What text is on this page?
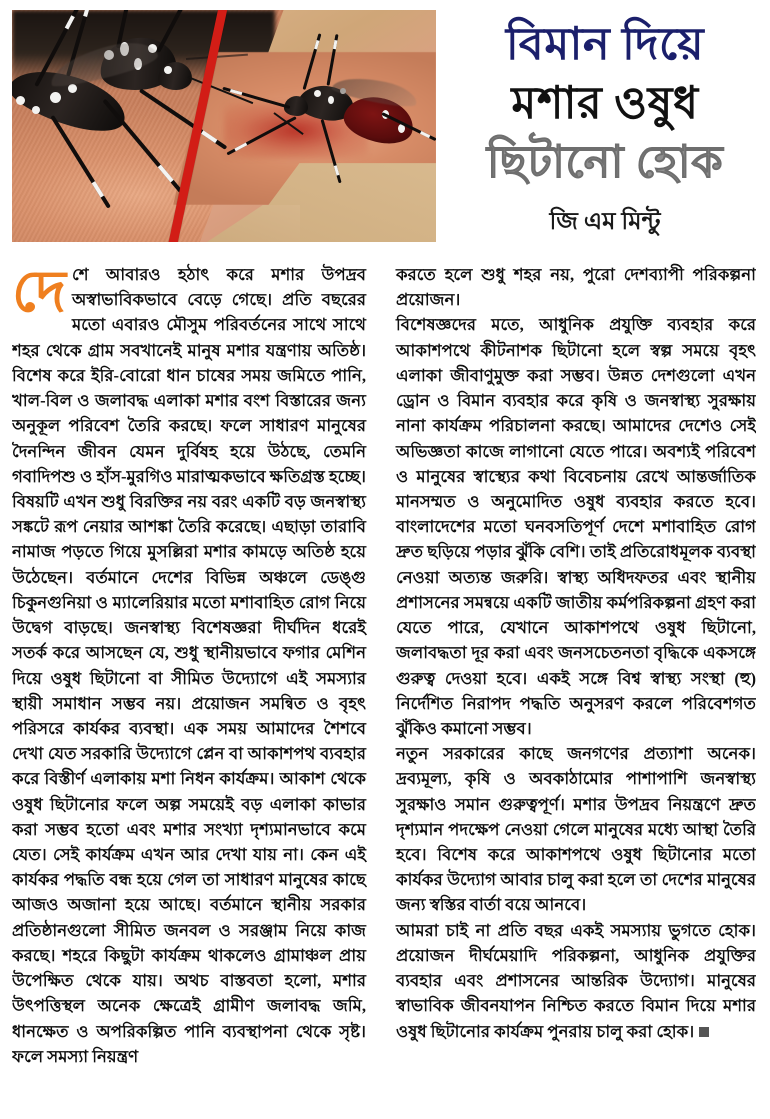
বিমান দিয়ে
মশার ওষুধ
ছিটানো হোক
জি এম মিন্টু

দেশে আবারও হঠাৎ করে মশার উপদ্রব অস্বাভাবিকভাবে বেড়ে গেছে। প্রতি বছরের মতো এবারও মৌসুম পরিবর্তনের সাথে সাথে শহর থেকে গ্রাম সবখানেই মানুষ মশার যন্ত্রণায় অতিষ্ঠ। বিশেষ করে ইরি-বোরো ধান চাষের সময় জমিতে পানি, খাল-বিল ও জলাবদ্ধ এলাকা মশার বংশ বিস্তারের জন্য অনুকূল পরিবেশ তৈরি করছে। ফলে সাধারণ মানুষের দৈনন্দিন জীবন যেমন দুর্বিষহ হয়ে উঠছে, তেমনি গবাদিপশু ও হাঁস-মুরগিও মারাত্মকভাবে ক্ষতিগ্রস্ত হচ্ছে। বিষয়টি এখন শুধু বিরক্তির নয় বরং একটি বড় জনস্বাস্থ্য সঙ্কটে রূপ নেয়ার আশঙ্কা তৈরি করেছে। এছাড়া তারাবি নামাজ পড়তে গিয়ে মুসল্লিরা মশার কামড়ে অতিষ্ঠ হয়ে উঠেছেন। বর্তমানে দেশের বিভিন্ন অঞ্চলে ডেঙ্গু চিকুনগুনিয়া ও ম্যালেরিয়ার মতো মশাবাহিত রোগ নিয়ে উদ্বেগ বাড়ছে। জনস্বাস্থ্য বিশেষজ্ঞরা দীর্ঘদিন ধরেই সতর্ক করে আসছেন যে, শুধু স্থানীয়ভাবে ফগার মেশিন দিয়ে ওষুধ ছিটানো বা সীমিত উদ্যোগে এই সমস্যার স্থায়ী সমাধান সম্ভব নয়। প্রয়োজন সমন্বিত ও বৃহৎ পরিসরে কার্যকর ব্যবস্থা। এক সময় আমাদের শৈশবে দেখা যেত সরকারি উদ্যোগে প্লেন বা আকাশপথ ব্যবহার করে বিস্তীর্ণ এলাকায় মশা নিধন কার্যক্রম। আকাশ থেকে ওষুধ ছিটানোর ফলে অল্প সময়েই বড় এলাকা কাভার করা সম্ভব হতো এবং মশার সংখ্যা দৃশ্যমানভাবে কমে যেত। সেই কার্যক্রম এখন আর দেখা যায় না। কেন এই কার্যকর পদ্ধতি বন্ধ হয়ে গেল তা সাধারণ মানুষের কাছে আজও অজানা হয়ে আছে। বর্তমানে স্থানীয় সরকার প্রতিষ্ঠানগুলো সীমিত জনবল ও সরঞ্জাম নিয়ে কাজ করছে। শহরে কিছুটা কার্যক্রম থাকলেও গ্রামাঞ্চল প্রায় উপেক্ষিত থেকে যায়। অথচ বাস্তবতা হলো, মশার উৎপত্তিস্থল অনেক ক্ষেত্রেই গ্রামীণ জলাবদ্ধ জমি, ধানক্ষেত ও অপরিকল্পিত পানি ব্যবস্থাপনা থেকে সৃষ্ট। ফলে সমস্যা নিয়ন্ত্রণ

করতে হলে শুধু শহর নয়, পুরো দেশব্যাপী পরিকল্পনা প্রয়োজন।

বিশেষজ্ঞদের মতে, আধুনিক প্রযুক্তি ব্যবহার করে আকাশপথে কীটনাশক ছিটানো হলে স্বল্প সময়ে বৃহৎ এলাকা জীবাণুমুক্ত করা সম্ভব। উন্নত দেশগুলো এখন ড্রোন ও বিমান ব্যবহার করে কৃষি ও জনস্বাস্থ্য সুরক্ষায় নানা কার্যক্রম পরিচালনা করছে। আমাদের দেশেও সেই অভিজ্ঞতা কাজে লাগানো যেতে পারে। অবশ্যই পরিবেশ ও মানুষের স্বাস্থ্যের কথা বিবেচনায় রেখে আন্তর্জাতিক মানসম্মত ও অনুমোদিত ওষুধ ব্যবহার করতে হবে। বাংলাদেশের মতো ঘনবসতিপূর্ণ দেশে মশাবাহিত রোগ দ্রুত ছড়িয়ে পড়ার ঝুঁকি বেশি। তাই প্রতিরোধমূলক ব্যবস্থা নেওয়া অত্যন্ত জরুরি। স্বাস্থ্য অধিদফতর এবং স্থানীয় প্রশাসনের সমন্বয়ে একটি জাতীয় কর্মপরিকল্পনা গ্রহণ করা যেতে পারে, যেখানে আকাশপথে ওষুধ ছিটানো, জলাবদ্ধতা দূর করা এবং জনসচেতনতা বৃদ্ধিকে একসঙ্গে গুরুত্ব দেওয়া হবে। একই সঙ্গে বিশ্ব স্বাস্থ্য সংস্থা (হু) নির্দেশিত নিরাপদ পদ্ধতি অনুসরণ করলে পরিবেশগত ঝুঁকিও কমানো সম্ভব।

নতুন সরকারের কাছে জনগণের প্রত্যাশা অনেক। দ্রব্যমূল্য, কৃষি ও অবকাঠামোর পাশাপাশি জনস্বাস্থ্য সুরক্ষাও সমান গুরুত্বপূর্ণ। মশার উপদ্রব নিয়ন্ত্রণে দ্রুত দৃশ্যমান পদক্ষেপ নেওয়া গেলে মানুষের মধ্যে আস্থা তৈরি হবে। বিশেষ করে আকাশপথে ওষুধ ছিটানোর মতো কার্যকর উদ্যোগ আবার চালু করা হলে তা দেশের মানুষের জন্য স্বস্তির বার্তা বয়ে আনবে।

আমরা চাই না প্রতি বছর একই সমস্যায় ভুগতে হোক। প্রয়োজন দীর্ঘমেয়াদি পরিকল্পনা, আধুনিক প্রযুক্তির ব্যবহার এবং প্রশাসনের আন্তরিক উদ্যোগ। মানুষের স্বাভাবিক জীবনযাপন নিশ্চিত করতে বিমান দিয়ে মশার ওষুধ ছিটানোর কার্যক্রম পুনরায় চালু করা হোক।
